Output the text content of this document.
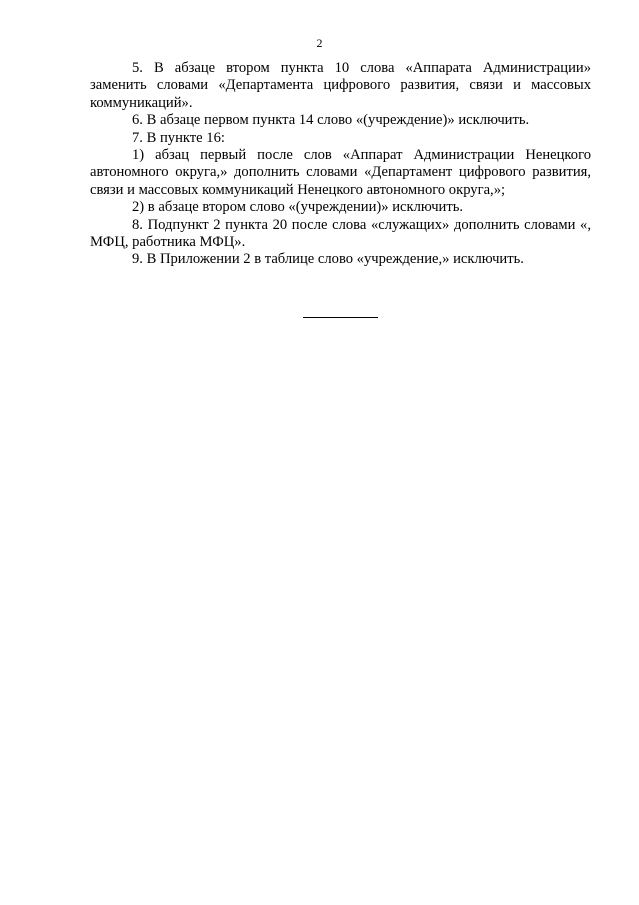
2

5. В абзаце втором пункта 10 слова «Аппарата Администрации» заменить словами «Департамента цифрового развития, связи и массовых коммуникаций».

6. В абзаце первом пункта 14 слово «(учреждение)» исключить.

7. В пункте 16:

1) абзац первый после слов «Аппарат Администрации Ненецкого автономного округа,» дополнить словами «Департамент цифрового развития, связи и массовых коммуникаций Ненецкого автономного округа,»;

2) в абзаце втором слово «(учреждении)» исключить.

8. Подпункт 2 пункта 20 после слова «служащих» дополнить словами «, МФЦ, работника МФЦ».

9. В Приложении 2 в таблице слово «учреждение,» исключить.
